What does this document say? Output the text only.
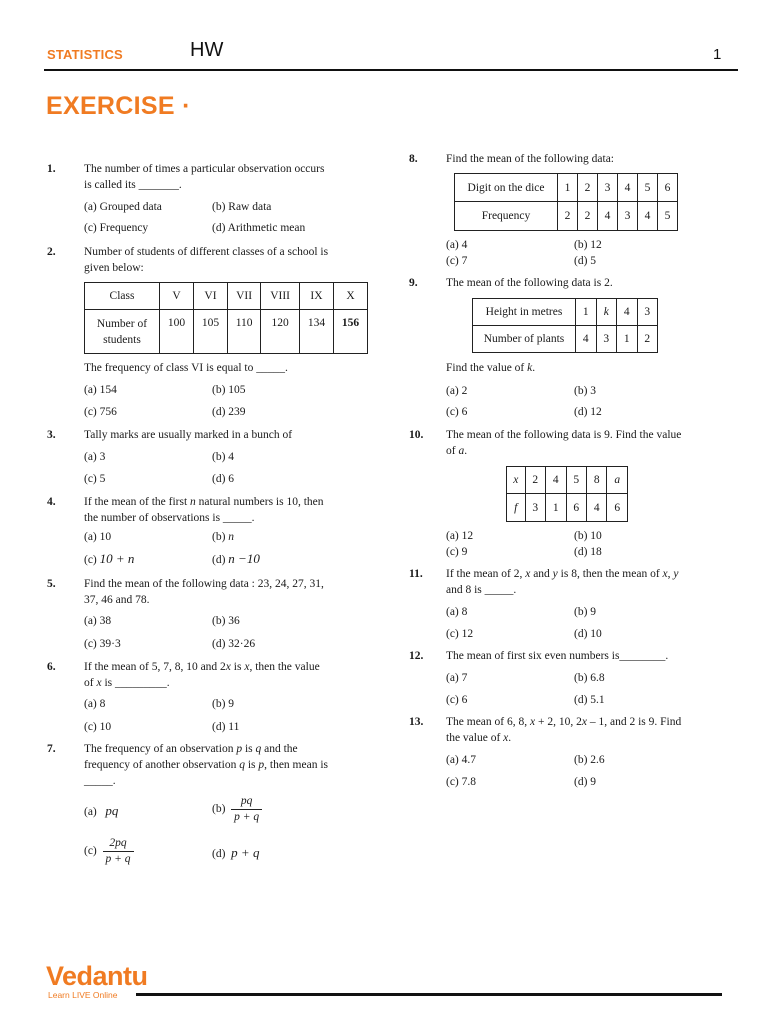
STATISTICS	HW	1
EXERCISE ·
1. The number of times a particular observation occurs
is called its _______.
(a) Grouped data	(b) Raw data
(c) Frequency	(d) Arithmetic mean
2. Number of students of different classes of a school is
given below:
Class	V	VI	VII	VIII	IX	X

Number of
students	100	105	110	120	134	156
The frequency of class VI is equal to _____.
(a) 154	(b) 105
(c) 756	(d) 239
3. Tally marks are usually marked in a bunch of
(a) 3	(b) 4
(c) 5	(d) 6
4. If the mean of the first n natural numbers is 10, then
the number of observations is _____.
(a) 10	(b) n
(c) 10 + n	(d) n −10
5. Find the mean of the following data : 23, 24, 27, 31,
37, 46 and 78.
(a) 38	(b) 36
(c) 39·3	(d) 32·26
6. If the mean of 5, 7, 8, 10 and 2x is x, then the value
of x is _________.
(a) 8	(b) 9
(c) 10	(d) 11
7. The frequency of an observation p is q and the
frequency of another observation q is p, then mean is
_____.
(a) pq	$(b) \frac{pq}{p + q}$
$(c) \frac{2pq}{p + q}$	(d) p + q
8. Find the mean of the following data:
Digit on the dice	1	2	3	4	5	6
Frequency	2	2	4	3	4	5
(a) 4	(b) 12
(c) 7	(d) 5
9. The mean of the following data is 2.
Height in metres	1	k	4	3
Number of plants	4	3	1	2
Find the value of k.
(a) 2	(b) 3
(c) 6	(d) 12
10. The mean of the following data is 9. Find the value
of a.
x	2	4	5	8	a
f	3	1	6	4	6
(a) 12	(b) 10
(c) 9	(d) 18
11. If the mean of 2, x and y is 8, then the mean of x, y
and 8 is _____.
(a) 8	(b) 9
(c) 12	(d) 10
12. The mean of first six even numbers is________.
(a) 7	(b) 6.8
(c) 6	(d) 5.1
13. The mean of 6, 8, x + 2, 10, 2x – 1, and 2 is 9. Find
the value of x.
(a) 4.7	(b) 2.6
(c) 7.8	(d) 9
Vedantu
Learn LIVE Online
